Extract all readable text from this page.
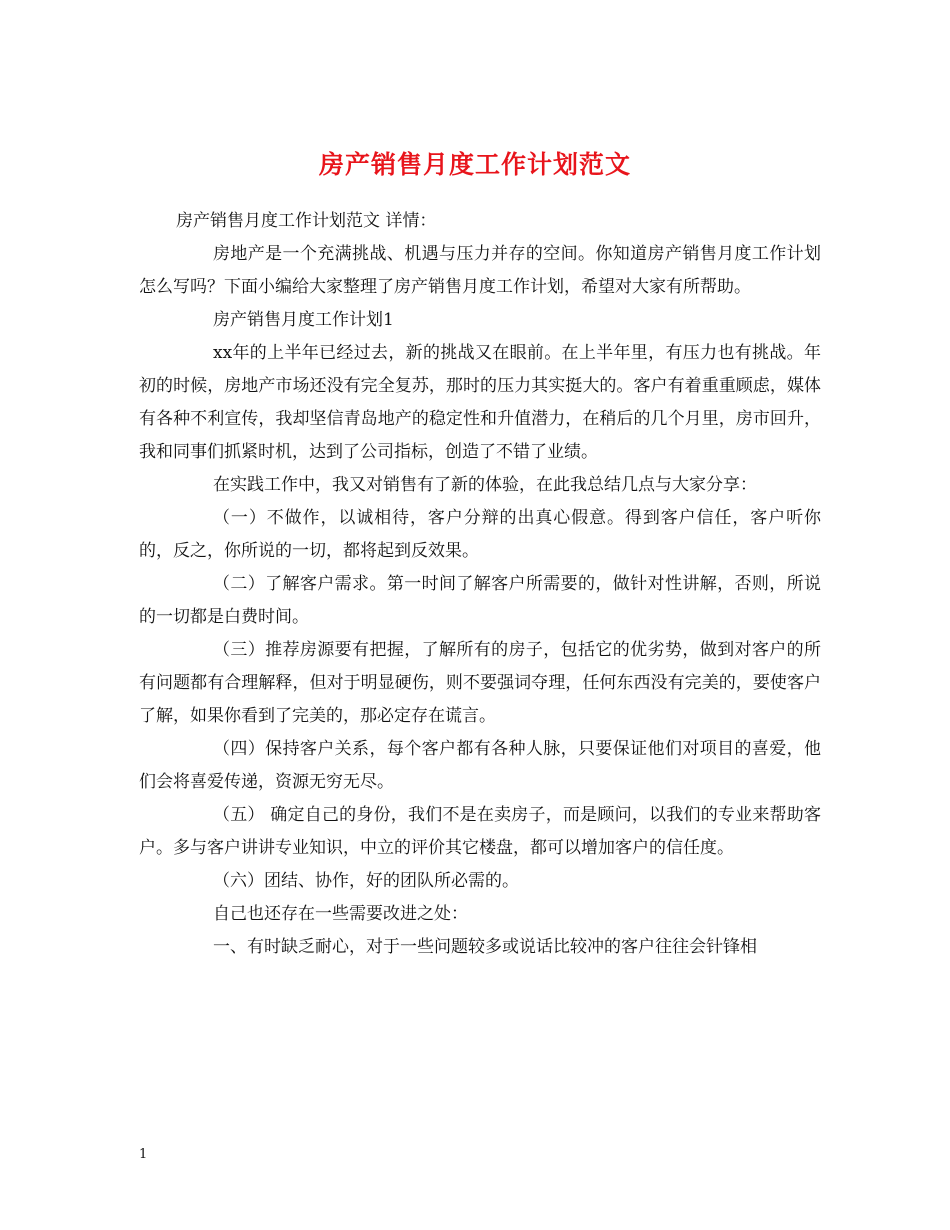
房产销售月度工作计划范文

房产销售月度工作计划范文 详情：

房地产是一个充满挑战、机遇与压力并存的空间。你知道房产销售月度工作计划怎么写吗？下面小编给大家整理了房产销售月度工作计划，希望对大家有所帮助。

房产销售月度工作计划1

xx年的上半年已经过去，新的挑战又在眼前。在上半年里，有压力也有挑战。年初的时候，房地产市场还没有完全复苏，那时的压力其实挺大的。客户有着重重顾虑，媒体有各种不利宣传，我却坚信青岛地产的稳定性和升值潜力，在稍后的几个月里，房市回升，我和同事们抓紧时机，达到了公司指标，创造了不错了业绩。

在实践工作中，我又对销售有了新的体验，在此我总结几点与大家分享：

（一）不做作，以诚相待，客户分辩的出真心假意。得到客户信任，客户听你的，反之，你所说的一切，都将起到反效果。

（二）了解客户需求。第一时间了解客户所需要的，做针对性讲解，否则，所说的一切都是白费时间。

（三）推荐房源要有把握，了解所有的房子，包括它的优劣势，做到对客户的所有问题都有合理解释，但对于明显硬伤，则不要强词夺理，任何东西没有完美的，要使客户了解，如果你看到了完美的，那必定存在谎言。

（四）保持客户关系，每个客户都有各种人脉，只要保证他们对项目的喜爱，他们会将喜爱传递，资源无穷无尽。

（五） 确定自己的身份，我们不是在卖房子，而是顾问，以我们的专业来帮助客户。多与客户讲讲专业知识，中立的评价其它楼盘，都可以增加客户的信任度。

（六）团结、协作，好的团队所必需的。

自己也还存在一些需要改进之处：

一、有时缺乏耐心，对于一些问题较多或说话比较冲的客户往往会针锋相

1
